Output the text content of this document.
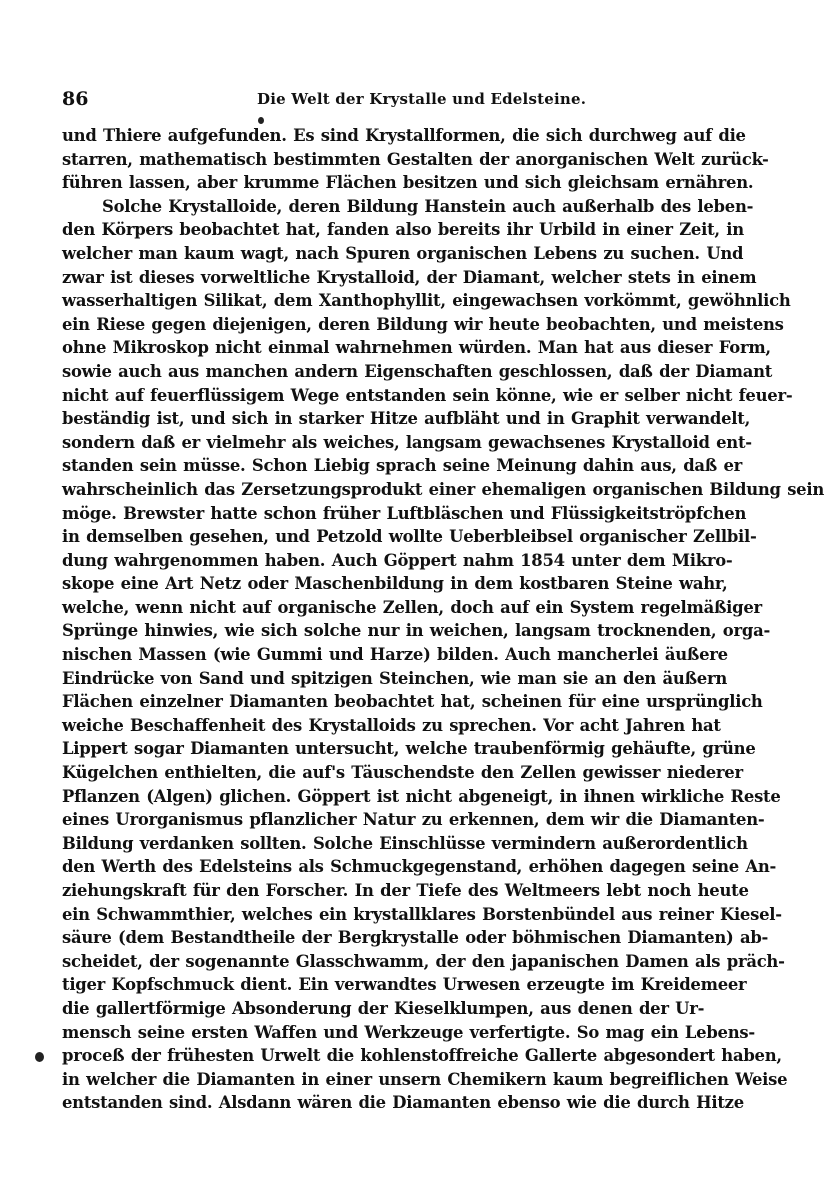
86	Die Welt der Krystalle und Edelsteine.
und Thiere aufgefunden. Es sind Krystallformen, die sich durchweg auf die
starren, mathematisch bestimmten Gestalten der anorganischen Welt zurück-
führen lassen, aber krumme Flächen besitzen und sich gleichsam ernähren.
Solche Krystalloide, deren Bildung Hanstein auch außerhalb des leben-
den Körpers beobachtet hat, fanden also bereits ihr Urbild in einer Zeit, in
welcher man kaum wagt, nach Spuren organischen Lebens zu suchen. Und
zwar ist dieses vorweltliche Krystalloid, der Diamant, welcher stets in einem
wasserhaltigen Silikat, dem Xanthophyllit, eingewachsen vorkömmt, gewöhnlich
ein Riese gegen diejenigen, deren Bildung wir heute beobachten, und meistens
ohne Mikroskop nicht einmal wahrnehmen würden. Man hat aus dieser Form,
sowie auch aus manchen andern Eigenschaften geschlossen, daß der Diamant
nicht auf feuerflüssigem Wege entstanden sein könne, wie er selber nicht feuer-
beständig ist, und sich in starker Hitze aufbläht und in Graphit verwandelt,
sondern daß er vielmehr als weiches, langsam gewachsenes Krystalloid ent-
standen sein müsse. Schon Liebig sprach seine Meinung dahin aus, daß er
wahrscheinlich das Zersetzungsprodukt einer ehemaligen organischen Bildung sein
möge. Brewster hatte schon früher Luftbläschen und Flüssigkeitströpfchen
in demselben gesehen, und Petzold wollte Ueberbleibsel organischer Zellbil-
dung wahrgenommen haben. Auch Göppert nahm 1854 unter dem Mikro-
skope eine Art Netz oder Maschenbildung in dem kostbaren Steine wahr,
welche, wenn nicht auf organische Zellen, doch auf ein System regelmäßiger
Sprünge hinwies, wie sich solche nur in weichen, langsam trocknenden, orga-
nischen Massen (wie Gummi und Harze) bilden. Auch mancherlei äußere
Eindrücke von Sand und spitzigen Steinchen, wie man sie an den äußern
Flächen einzelner Diamanten beobachtet hat, scheinen für eine ursprünglich
weiche Beschaffenheit des Krystalloids zu sprechen. Vor acht Jahren hat
Lippert sogar Diamanten untersucht, welche traubenförmig gehäufte, grüne
Kügelchen enthielten, die auf's Täuschendste den Zellen gewisser niederer
Pflanzen (Algen) glichen. Göppert ist nicht abgeneigt, in ihnen wirkliche Reste
eines Urorganismus pflanzlicher Natur zu erkennen, dem wir die Diamanten-
Bildung verdanken sollten. Solche Einschlüsse vermindern außerordentlich
den Werth des Edelsteins als Schmuckgegenstand, erhöhen dagegen seine An-
ziehungskraft für den Forscher. In der Tiefe des Weltmeers lebt noch heute
ein Schwammthier, welches ein krystallklares Borstenbündel aus reiner Kiesel-
säure (dem Bestandtheile der Bergkrystalle oder böhmischen Diamanten) ab-
scheidet, der sogenannte Glasschwamm, der den japanischen Damen als präch-
tiger Kopfschmuck dient. Ein verwandtes Urwesen erzeugte im Kreidemeer
die gallertförmige Absonderung der Kieselklumpen, aus denen der Ur-
mensch seine ersten Waffen und Werkzeuge verfertigte. So mag ein Lebens-
proceß der frühesten Urwelt die kohlenstoffreiche Gallerte abgesondert haben,
in welcher die Diamanten in einer unsern Chemikern kaum begreiflichen Weise
entstanden sind. Alsdann wären die Diamanten ebenso wie die durch Hitze
